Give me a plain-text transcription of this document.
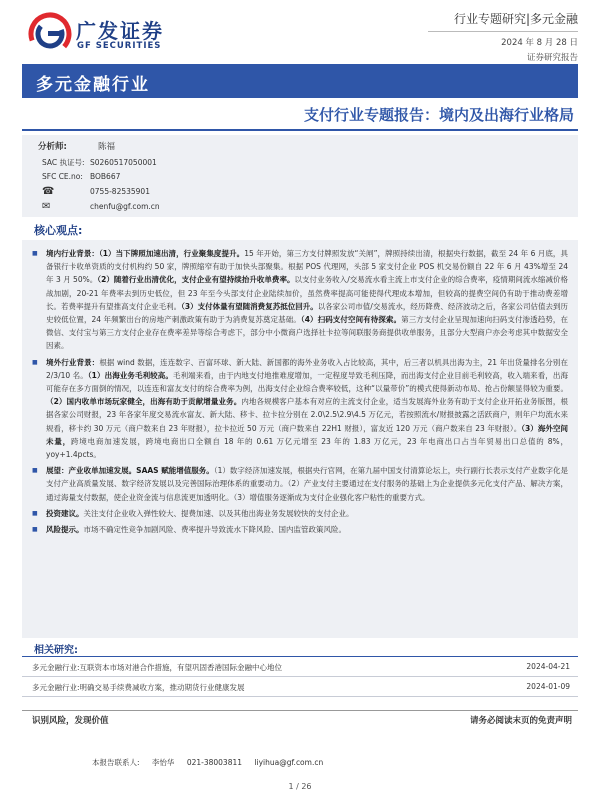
广发证券
GF SECURITIES
行业专题研究|多元金融
2024 年 8 月 28 日
证券研究报告
多元金融行业
支付行业专题报告：境内及出海行业格局
分析师:	陈福
SAC 执证号: S0260517050001
SFC CE.no: BOB667
☎	0755-82535901
✉	chenfu@gf.com.cn
核心观点:
■ 境内行业背景：（1）当下牌照加速出清，行业聚集度提升。15 年开始，第三方支付牌照发放“关闸”，牌照持续出清，根据央行数据，截至 24 年 6 月底，具备银行卡收单资质的支付机构约 50 家，牌照缩窄有助于加快头部聚集。根据 POS 代理网，头部 5 家支付企业 POS 机交易份额自 22 年 6 月 43%增至 24 年 3 月 50%。（2）随着行业出清优化，支付企业有望持续抬升收单费率。以支付业务收入/交易流水看主流上市支付企业的综合费率，疫情期间流水缩减价格战加剧，20-21 年费率去到历史低位，但 23 年至今头部支付企业陆续加价，虽然费率提高可能使得代理成本增加，但较高的提费空间仍有助于推动费差增长。若费率提升有望推高支付企业毛利。（3）支付体量有望随消费复苏抵位回升。以各家公司市值/交易流水，经历降费、经济波动之后，各家公司估值去到历史较低位置，24 年频繁出台的房地产刺激政策有助于为消费复苏奠定基础。（4）扫码支付空间有待探索。第三方支付企业呈现加速向扫码支付渗透趋势，在微信、支付宝与第三方支付企业存在费率差异等综合考虑下，部分中小微商户选择社卡拉等间联服务商提供收单服务，且部分大型商户亦会考虑其中数据安全因素。
■ 境外行业背景：根据 wind 数据，连连数字、百富环球、新大陆、新国都的海外业务收入占比较高，其中，后三者以机具出海为主，21 年出货量排名分别在 2/3/10 名。（1）出海业务毛利较高。毛利端来看，由于内地支付地推难度增加，一定程度导致毛利压降，而出海支付企业目前毛利较高，收入端来看，出海可能存在多方面倒的情况，以连连和富友支付的综合费率为例，出海支付企业综合费率较低，这种“以量带价”的模式使得新动布局、抢占份额显得较为重要。（2）国内收单市场玩家健全，出海有助于贡献增量业务。内地各规模客户基本有对应的主流支付企业，适当发展海外业务有助于支付企业开拓业务版图，根据各家公司财报，23 年各家年度交易流水富友、新大陆、移卡、拉卡拉分别在 2.0\2.5\2.9\4.5 万亿元，若按照流水/财报披露之活跃商户，则年户均流水来规看，移卡约 30 万元（商户数来自 23 年财报），拉卡拉近 50 万元（商户数来自 22H1 财报），富友近 120 万元（商户数来自 23 年财报）。（3）海外空间未量，跨境电商加速发展，跨境电商出口全额自 18 年的 0.61 万亿元增至 23 年的 1.83 万亿元，23 年电商出口占当年贸易出口总值的 8%，yoy+1.4pcts。
■ 展望：产业收单加速发展。SAAS 赋能增值服务。（1）数字经济加速发展，根据央行官网，在第九届中国支付清算论坛上，央行副行长表示支付产业数字化是支付产业高质量发展、数字经济发展以及完善国际治理体系的重要动力。（2）产业支付主要通过在支付服务的基础上为企业提供多元化支付产品、解决方案，通过海量支付数据，使企业资金流与信息流更加透明化。（3）增值服务逐渐成为支付企业强化客户粘性的重要方式。
■ 投资建议。关注支付企业收入弹性较大、提费加速、以及其他出海业务发展较快的支付企业。
■ 风险提示。市场不确定性竞争加剧风险、费率提升导致流水下降风险、国内监管政策风险。
相关研究:
多元金融行业:互联资本市场对港合作措施，有望巩固香港国际金融中心地位	2024-04-21
多元金融行业:明确交易手续费减收方案，推动期货行业健康发展	2024-01-09
识别风险，发现价值	请务必阅读末页的免责声明
本报告联系人: 李怡华 021-38003811 liyihua@gf.com.cn
1 / 26
